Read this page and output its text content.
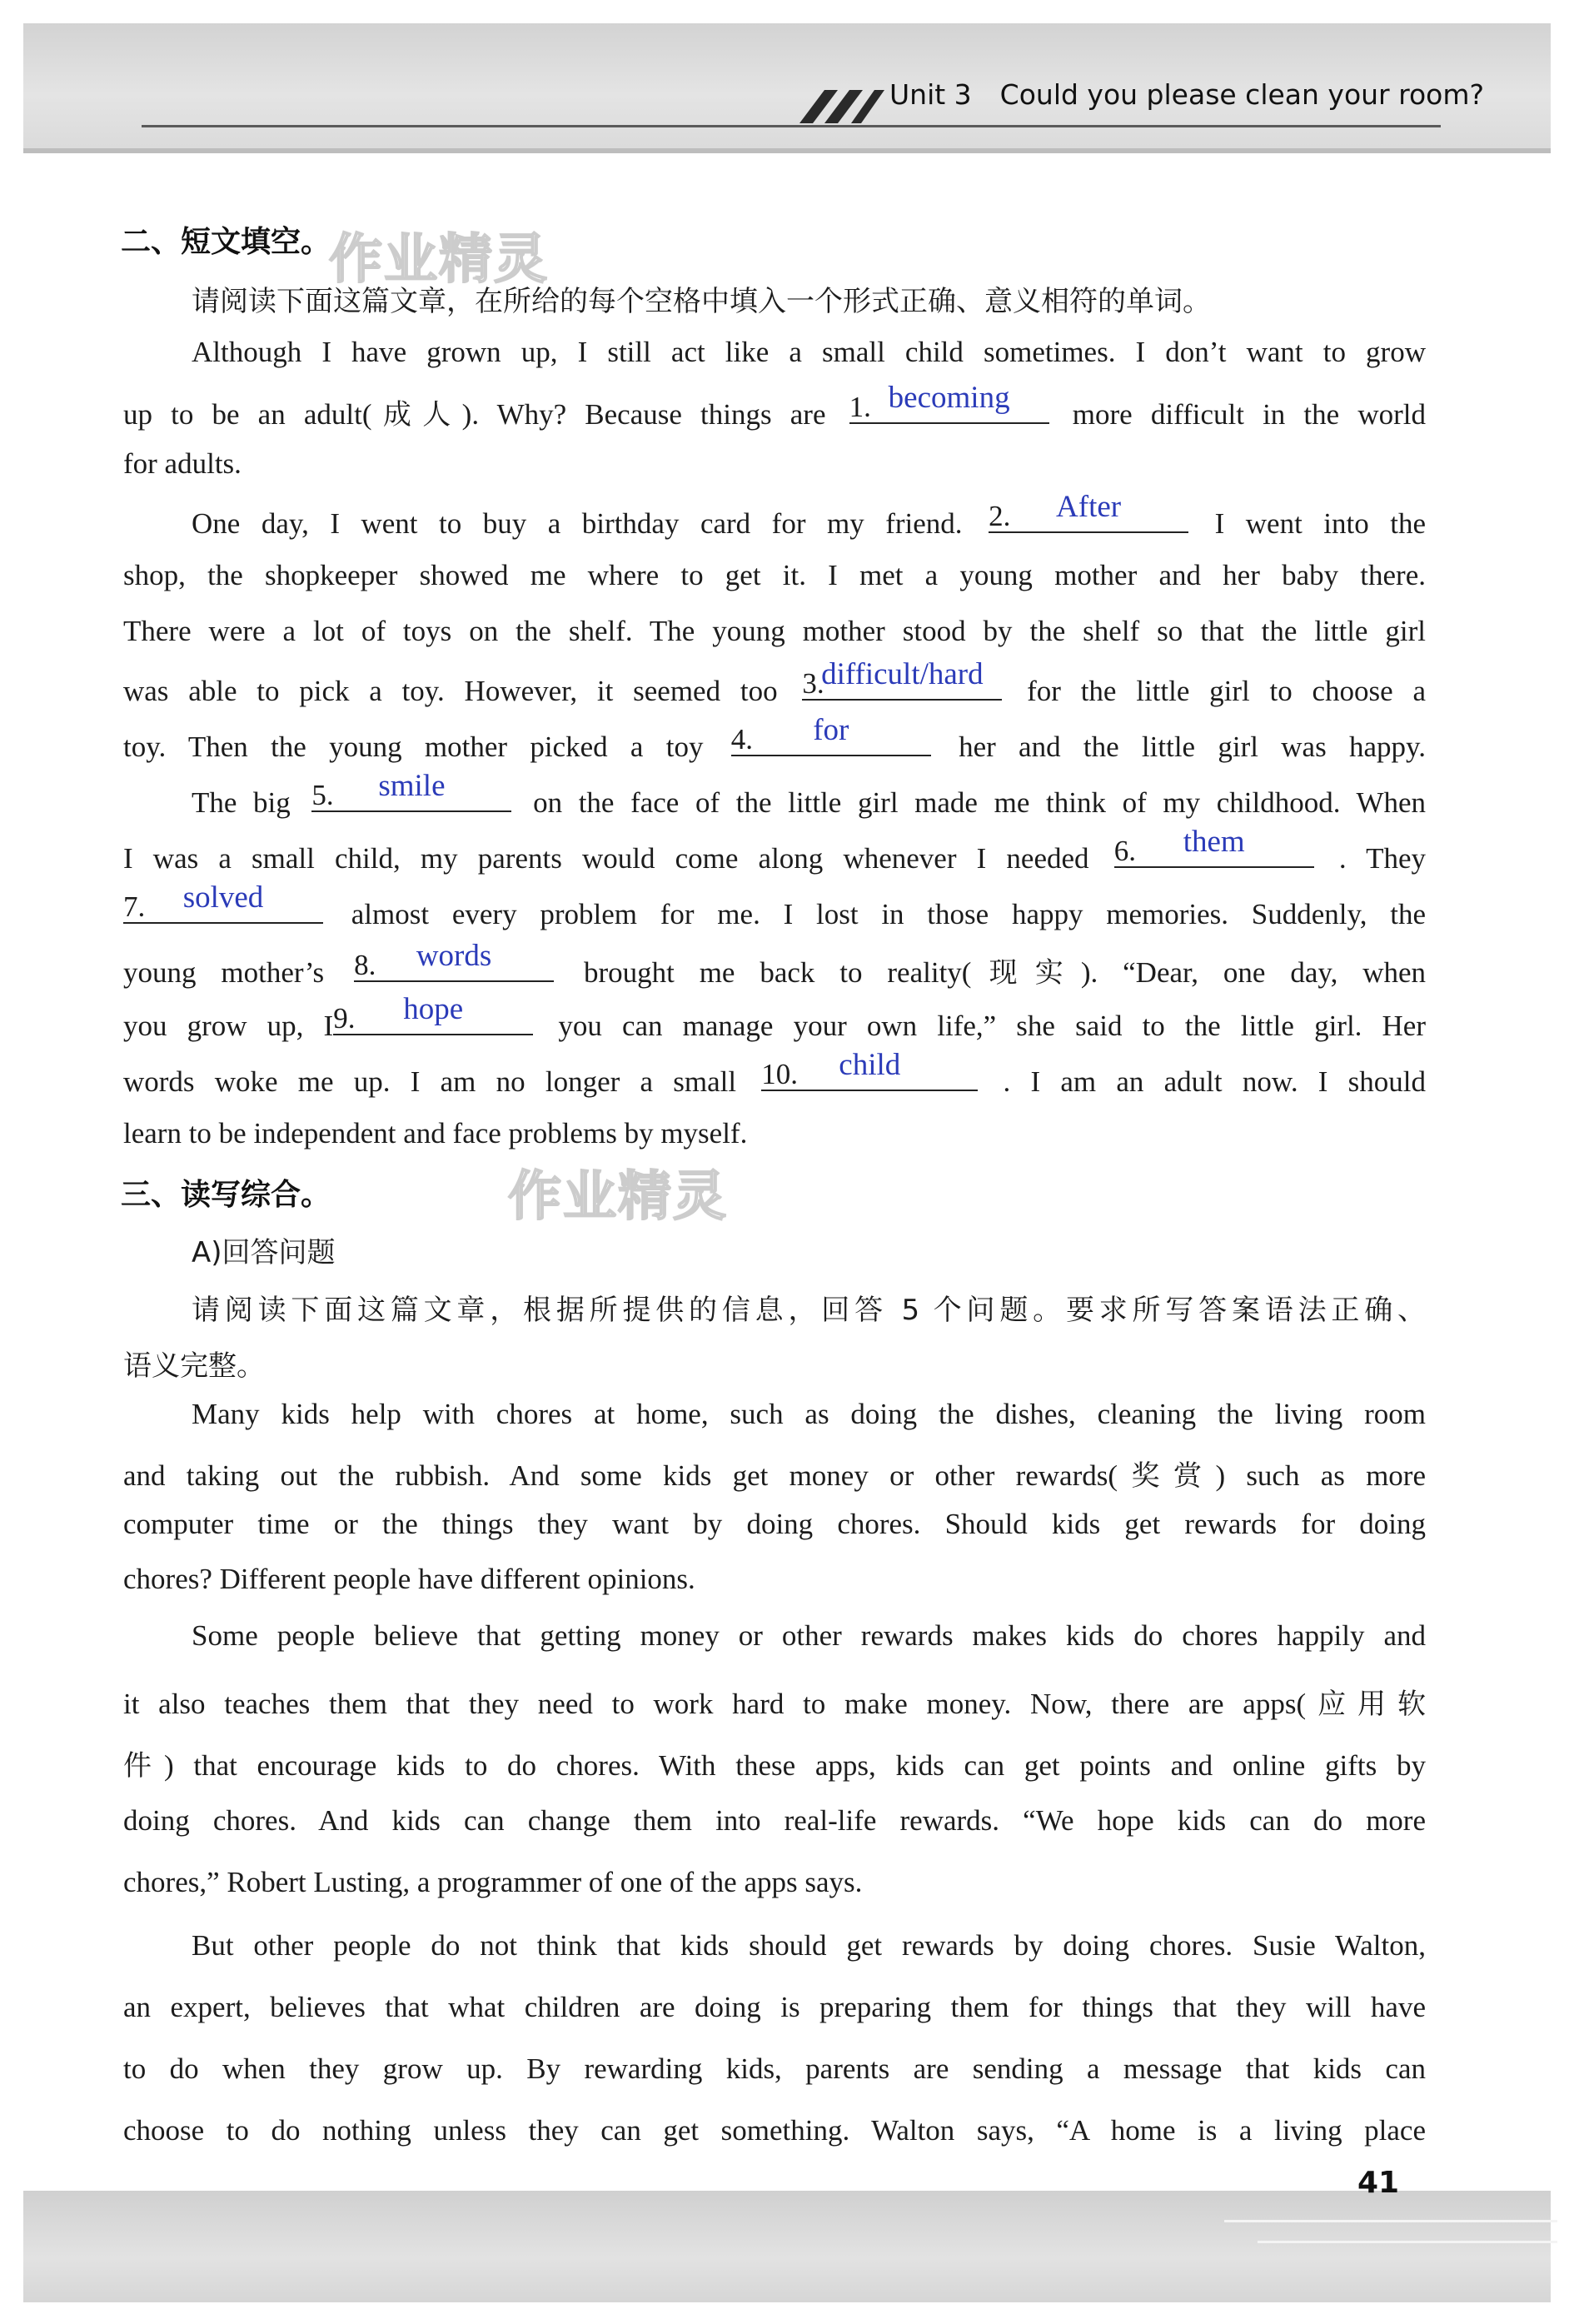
Unit 3 Could you please clean your room?
作业精灵
作业精灵
二、短文填空。
请阅读下面这篇文章，在所给的每个空格中填入一个形式正确、意义相符的单词。
Although I have grown up, I still act like a small child sometimes. I don’t want to grow
up to be an adult(成人). Why? Because things are 1. becoming	more difficult in the world
for adults.
One day, I went to buy a birthday card for my friend. 2.	After	I went into the
shop, the shopkeeper showed me where to get it. I met a young mother and her baby there.
There were a lot of toys on the shelf. The young mother stood by the shelf so that the little girl
was able to pick a toy. However, it seemed too 3.
difficult/hard	for the little girl to choose a
toy. Then the young mother picked a toy 4.	for	her and the little girl was happy.
The big 5.	smile	on the face of the little girl made me think of my childhood. When
I was a small child, my parents would come along whenever I needed 6.	them	. They
7.	solved	almost every problem for me. I lost in those happy memories. Suddenly, the
young mother’s 8.	words	brought me back to reality(现实). “Dear, one day, when
you grow up, I 9.	hope	you can manage your own life,” she said to the little girl. Her
words woke me up. I am no longer a small 10.	child	. I am an adult now. I should
learn to be independent and face problems by myself.
三、读写综合。
A)回答问题
请阅读下面这篇文章，根据所提供的信息，回答 5 个问题。要求所写答案语法正确、
语义完整。
Many kids help with chores at home, such as doing the dishes, cleaning the living room
and taking out the rubbish. And some kids get money or other rewards(奖赏) such as more
computer time or the things they want by doing chores. Should kids get rewards for doing
chores? Different people have different opinions.
Some people believe that getting money or other rewards makes kids do chores happily and
it also teaches them that they need to work hard to make money. Now, there are apps(应用软
件) that encourage kids to do chores. With these apps, kids can get points and online gifts by
doing chores. And kids can change them into real-life rewards. “We hope kids can do more
chores,” Robert Lusting, a programmer of one of the apps says.
But other people do not think that kids should get rewards by doing chores. Susie Walton,
an expert, believes that what children are doing is preparing them for things that they will have
to do when they grow up. By rewarding kids, parents are sending a message that kids can
choose to do nothing unless they can get something. Walton says, “A home is a living place
41
